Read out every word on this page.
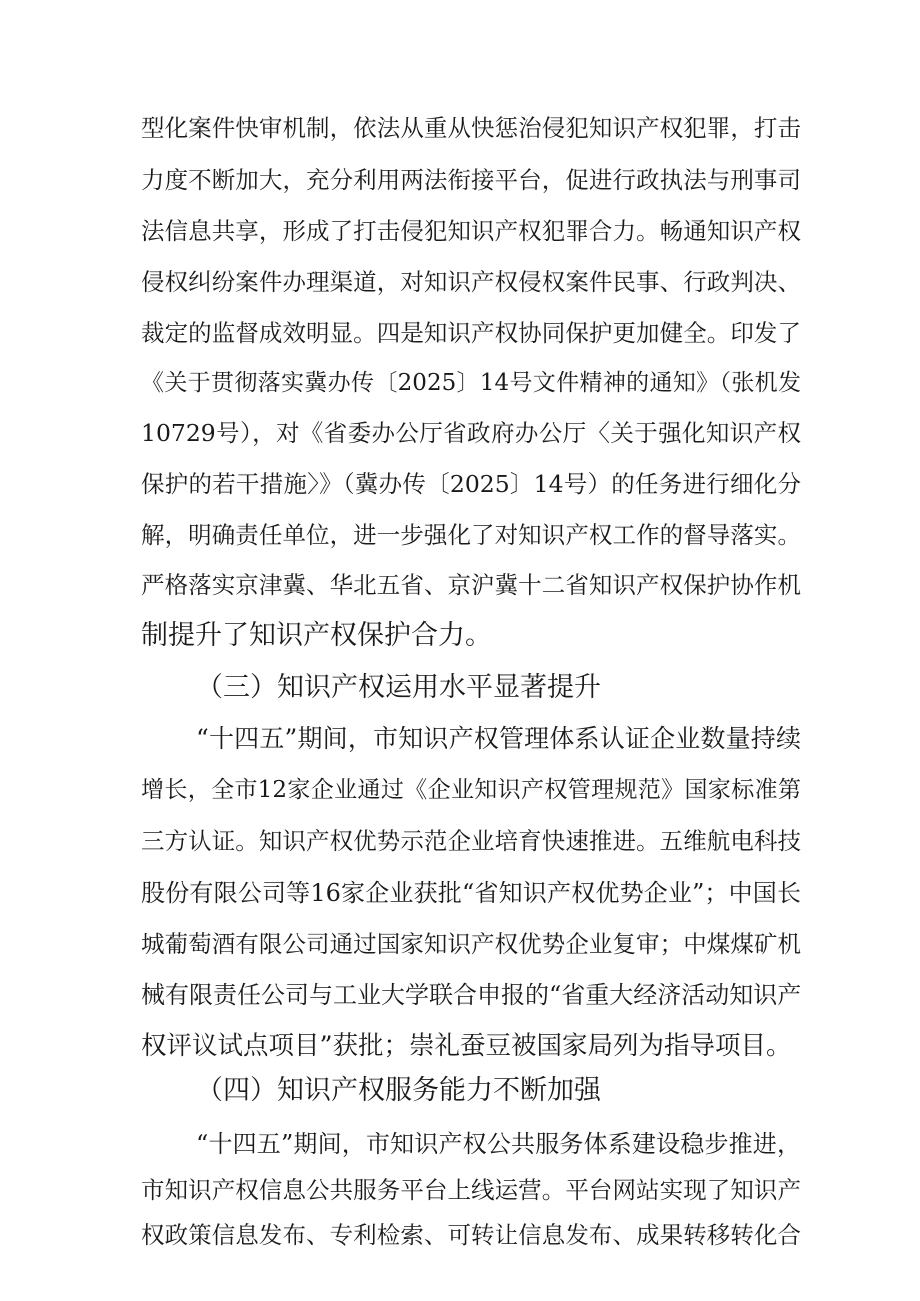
型化案件快审机制，依法从重从快惩治侵犯知识产权犯罪，打击
力度不断加大，充分利用两法衔接平台，促进行政执法与刑事司
法信息共享，形成了打击侵犯知识产权犯罪合力。畅通知识产权
侵权纠纷案件办理渠道，对知识产权侵权案件民事、行政判决、
裁定的监督成效明显。四是知识产权协同保护更加健全。印发了
《关于贯彻落实冀办传〔2025〕14号文件精神的通知》（张机发
10729号），对《省委办公厅省政府办公厅〈关于强化知识产权
保护的若干措施〉》（冀办传〔2025〕14号）的任务进行细化分
解，明确责任单位，进一步强化了对知识产权工作的督导落实。
严格落实京津冀、华北五省、京沪冀十二省知识产权保护协作机
制提升了知识产权保护合力。
（三）知识产权运用水平显著提升
“十四五”期间，市知识产权管理体系认证企业数量持续
增长，全市12家企业通过《企业知识产权管理规范》国家标准第
三方认证。知识产权优势示范企业培育快速推进。五维航电科技
股份有限公司等16家企业获批“省知识产权优势企业”；中国长
城葡萄酒有限公司通过国家知识产权优势企业复审；中煤煤矿机
械有限责任公司与工业大学联合申报的“省重大经济活动知识产
权评议试点项目”获批；崇礼蚕豆被国家局列为指导项目。
（四）知识产权服务能力不断加强
“十四五”期间，市知识产权公共服务体系建设稳步推进，
市知识产权信息公共服务平台上线运营。平台网站实现了知识产
权政策信息发布、专利检索、可转让信息发布、成果转移转化合
